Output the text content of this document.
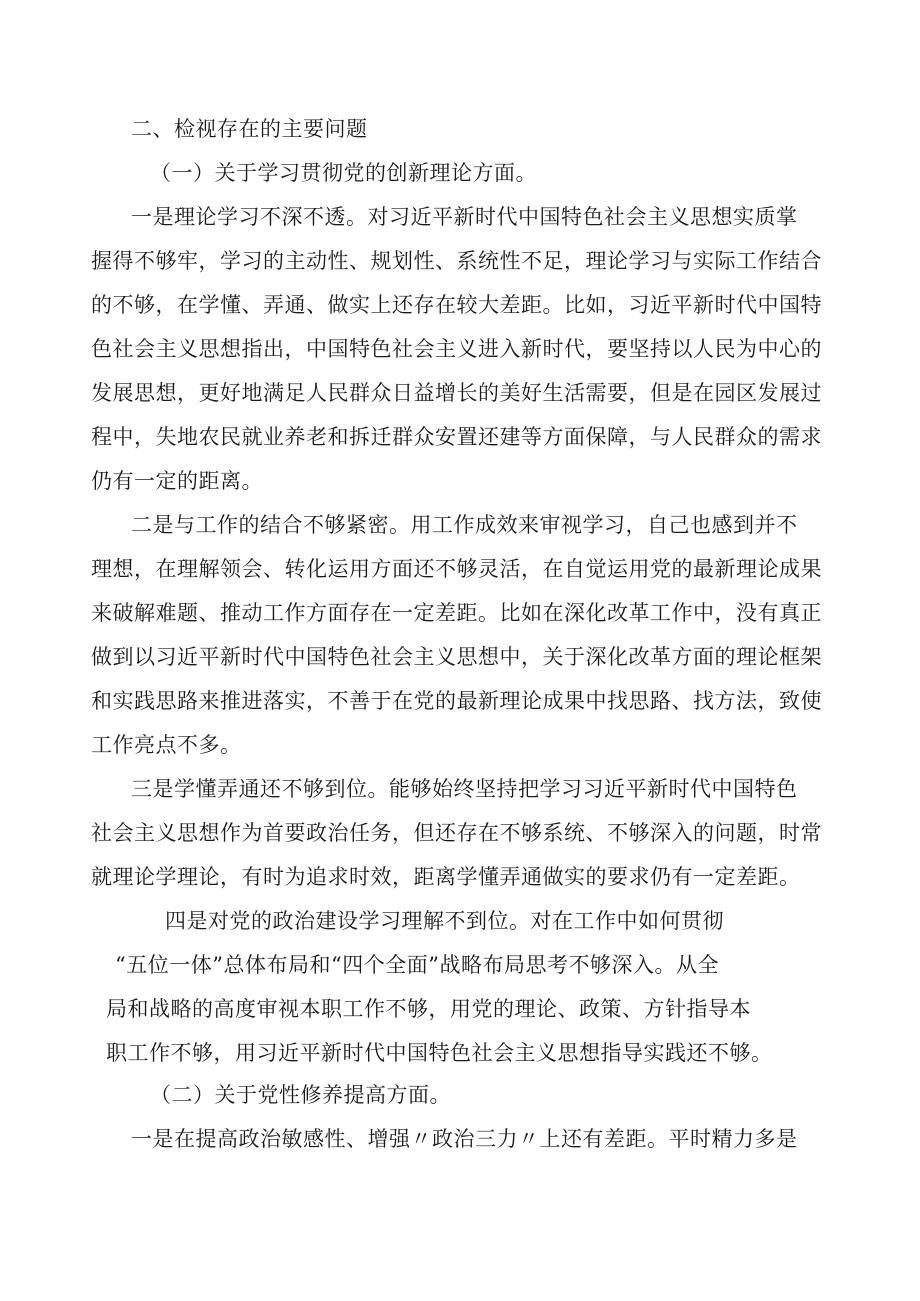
二、检视存在的主要问题
（一）关于学习贯彻党的创新理论方面。
一是理论学习不深不透。对习近平新时代中国特色社会主义思想实质掌
握得不够牢，学习的主动性、规划性、系统性不足，理论学习与实际工作结合
的不够，在学懂、弄通、做实上还存在较大差距。比如，习近平新时代中国特
色社会主义思想指出，中国特色社会主义进入新时代，要坚持以人民为中心的
发展思想，更好地满足人民群众日益增长的美好生活需要，但是在园区发展过
程中，失地农民就业养老和拆迁群众安置还建等方面保障，与人民群众的需求
仍有一定的距离。
二是与工作的结合不够紧密。用工作成效来审视学习，自己也感到并不
理想，在理解领会、转化运用方面还不够灵活，在自觉运用党的最新理论成果
来破解难题、推动工作方面存在一定差距。比如在深化改革工作中，没有真正
做到以习近平新时代中国特色社会主义思想中，关于深化改革方面的理论框架
和实践思路来推进落实，不善于在党的最新理论成果中找思路、找方法，致使
工作亮点不多。
三是学懂弄通还不够到位。能够始终坚持把学习习近平新时代中国特色
社会主义思想作为首要政治任务，但还存在不够系统、不够深入的问题，时常
就理论学理论，有时为追求时效，距离学懂弄通做实的要求仍有一定差距。
四是对党的政治建设学习理解不到位。对在工作中如何贯彻
“五位一体”总体布局和“四个全面”战略布局思考不够深入。从全
局和战略的高度审视本职工作不够，用党的理论、政策、方针指导本
职工作不够，用习近平新时代中国特色社会主义思想指导实践还不够。
（二）关于党性修养提高方面。
一是在提高政治敏感性、增强〃政治三力〃上还有差距。平时精力多是
